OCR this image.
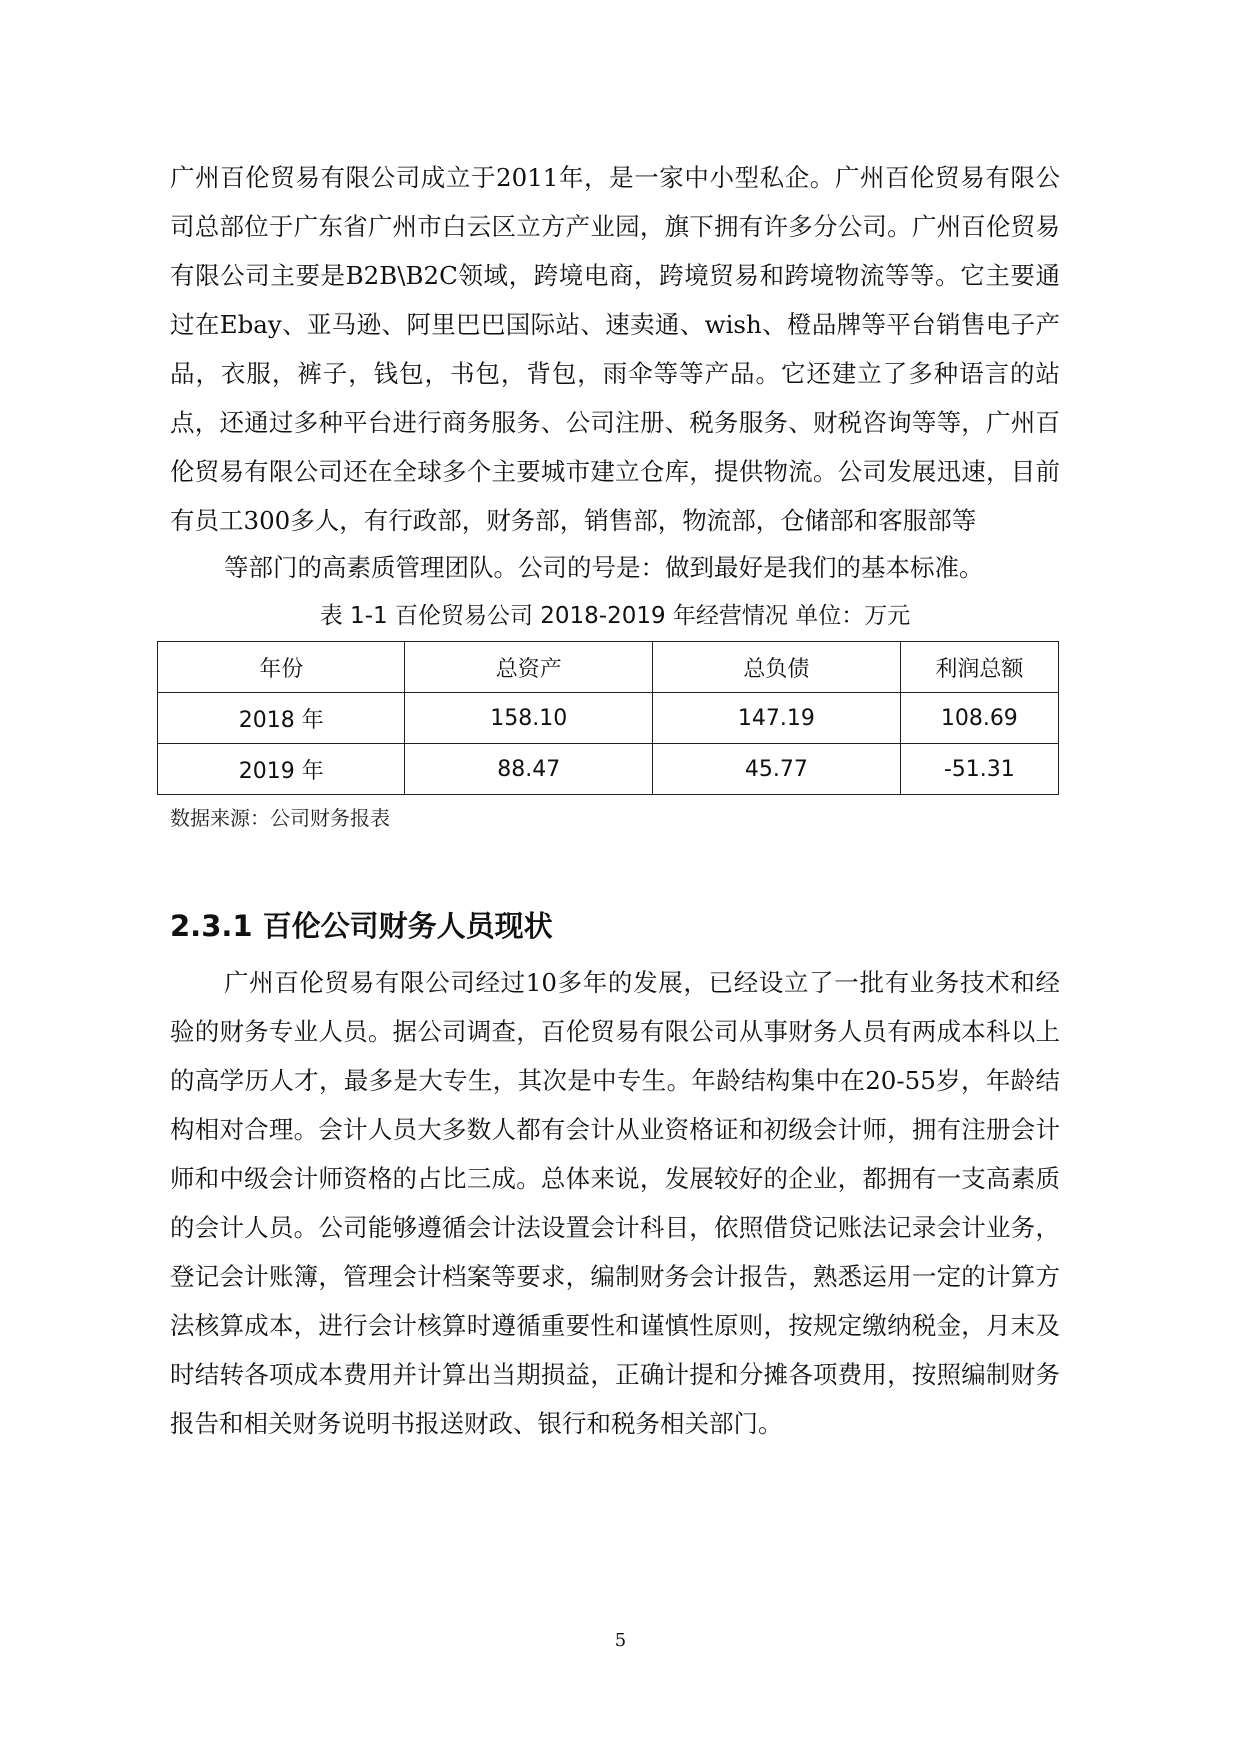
广州百伦贸易有限公司成立于2011年，是一家中小型私企。广州百伦贸易有限公司总部位于广东省广州市白云区立方产业园，旗下拥有许多分公司。广州百伦贸易有限公司主要是B2B\B2C领域，跨境电商，跨境贸易和跨境物流等等。它主要通过在Ebay、亚马逊、阿里巴巴国际站、速卖通、wish、橙品牌等平台销售电子产品，衣服，裤子，钱包，书包，背包，雨伞等等产品。它还建立了多种语言的站点，还通过多种平台进行商务服务、公司注册、税务服务、财税咨询等等，广州百伦贸易有限公司还在全球多个主要城市建立仓库，提供物流。公司发展迅速，目前有员工300多人，有行政部，财务部，销售部，物流部，仓储部和客服部等

等部门的高素质管理团队。公司的号是：做到最好是我们的基本标准。

表 1-1 百伦贸易公司 2018-2019 年经营情况 单位：万元

年份	总资产	总负债	利润总额
2018 年	158.10	147.19	108.69
2019 年	88.47	45.77	-51.31

数据来源：公司财务报表

2.3.1 百伦公司财务人员现状

广州百伦贸易有限公司经过10多年的发展，已经设立了一批有业务技术和经验的财务专业人员。据公司调查，百伦贸易有限公司从事财务人员有两成本科以上的高学历人才，最多是大专生，其次是中专生。年龄结构集中在20-55岁，年龄结构相对合理。会计人员大多数人都有会计从业资格证和初级会计师，拥有注册会计师和中级会计师资格的占比三成。总体来说，发展较好的企业，都拥有一支高素质的会计人员。公司能够遵循会计法设置会计科目，依照借贷记账法记录会计业务，登记会计账簿，管理会计档案等要求，编制财务会计报告，熟悉运用一定的计算方法核算成本，进行会计核算时遵循重要性和谨慎性原则，按规定缴纳税金，月末及时结转各项成本费用并计算出当期损益，正确计提和分摊各项费用，按照编制财务报告和相关财务说明书报送财政、银行和税务相关部门。

5
